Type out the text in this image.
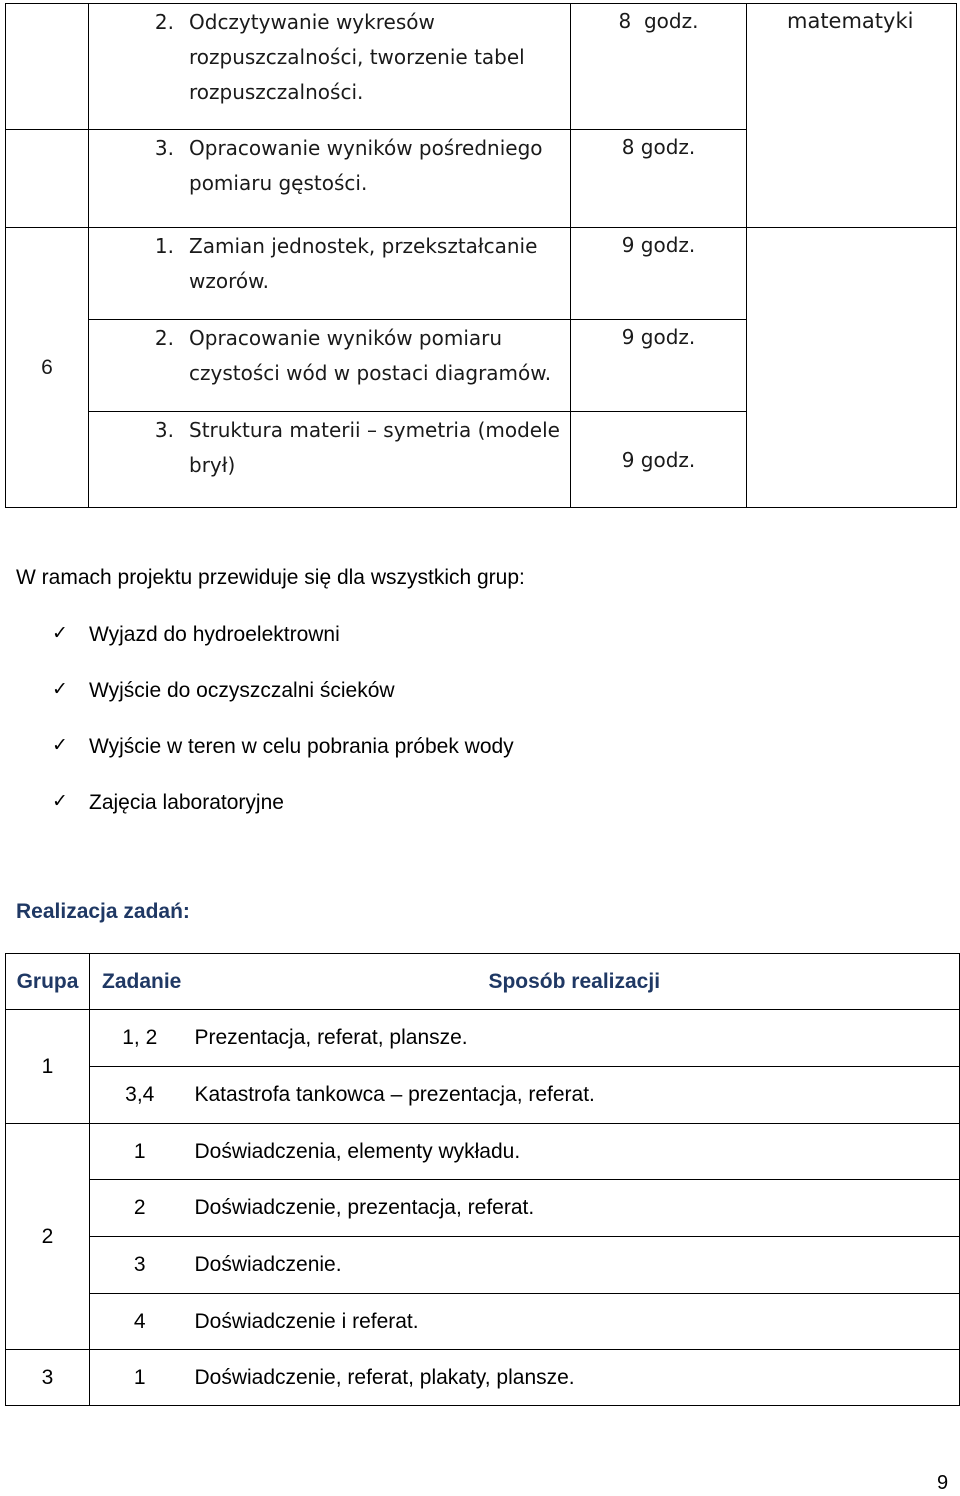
	2. Odczytywanie wykresów rozpuszczalności, tworzenie tabel rozpuszczalności.	8  godz.	matematyki

	3. Opracowanie wyników pośredniego pomiaru gęstości.	8 godz.	

6	1. Zamian jednostek, przekształcanie wzorów.	9 godz.	

	2. Opracowanie wyników pomiaru czystości wód w postaci diagramów.	9 godz.	

	3. Struktura materii – symetria (modele brył)	9 godz.	
W ramach projektu przewiduje się dla wszystkich grup:
✓	Wyjazd do hydroelektrowni
✓	Wyjście do oczyszczalni ścieków
✓	Wyjście w teren w celu pobrania próbek wody
✓	Zajęcia laboratoryjne
Realizacja zadań:
Grupa	Zadanie	Sposób realizacji
1	1, 2	Prezentacja, referat, plansze.
	3,4	Katastrofa tankowca – prezentacja, referat.
2	1	Doświadczenia, elementy wykładu.
	2	Doświadczenie, prezentacja, referat.
	3	Doświadczenie.
	4	Doświadczenie i referat.
3	1	Doświadczenie, referat, plakaty, plansze.
9
